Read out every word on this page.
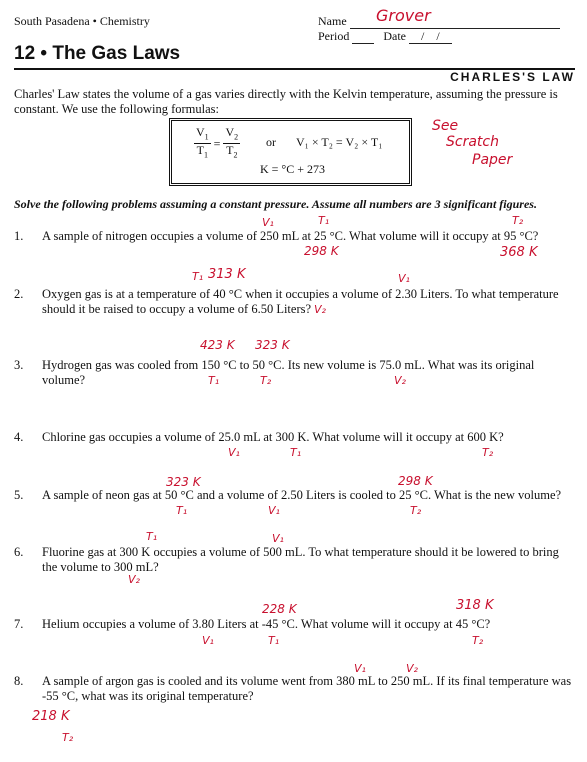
South Pasadena • Chemistry	Name	Grover
Period	Date /    /
12 • The Gas Laws
CHARLES'S LAW
Charles' Law states the volume of a gas varies directly with the Kelvin temperature, assuming the pressure is constant. We use the following formulas:
$\frac{V_1}{T_1} = \frac{V_2}{T_2}$ or V₁ × T₂ = V₂ × T₁
K = °C + 273
See
Scratch
Paper
Solve the following problems assuming a constant pressure. Assume all numbers are 3 significant figures.
1. A sample of nitrogen occupies a volume of 250 mL at 25 °C. What volume will it occupy at 95 °C?
2. Oxygen gas is at a temperature of 40 °C when it occupies a volume of 2.30 Liters. To what temperature should it be raised to occupy a volume of 6.50 Liters?
3. Hydrogen gas was cooled from 150 °C to 50 °C. Its new volume is 75.0 mL. What was its original volume?
4. Chlorine gas occupies a volume of 25.0 mL at 300 K. What volume will it occupy at 600 K?
5. A sample of neon gas at 50 °C and a volume of 2.50 Liters is cooled to 25 °C. What is the new volume?
6. Fluorine gas at 300 K occupies a volume of 500 mL. To what temperature should it be lowered to bring the volume to 300 mL?
7. Helium occupies a volume of 3.80 Liters at -45 °C. What volume will it occupy at 45 °C?
8. A sample of argon gas is cooled and its volume went from 380 mL to 250 mL. If its final temperature was -55 °C, what was its original temperature?
V₁	T₁
298 K
T₂
368 K
T₁ 313 K	V₁
V₂
423 K 323 K
T₁	T₂	V₂
V₁	T₁	T₂
323 K	298 K
T₁	V₁	T₂
T₁	V₁
V₂
228 K	318 K
V₁	T₁	T₂
V₁	V₂
218 K
T₂
